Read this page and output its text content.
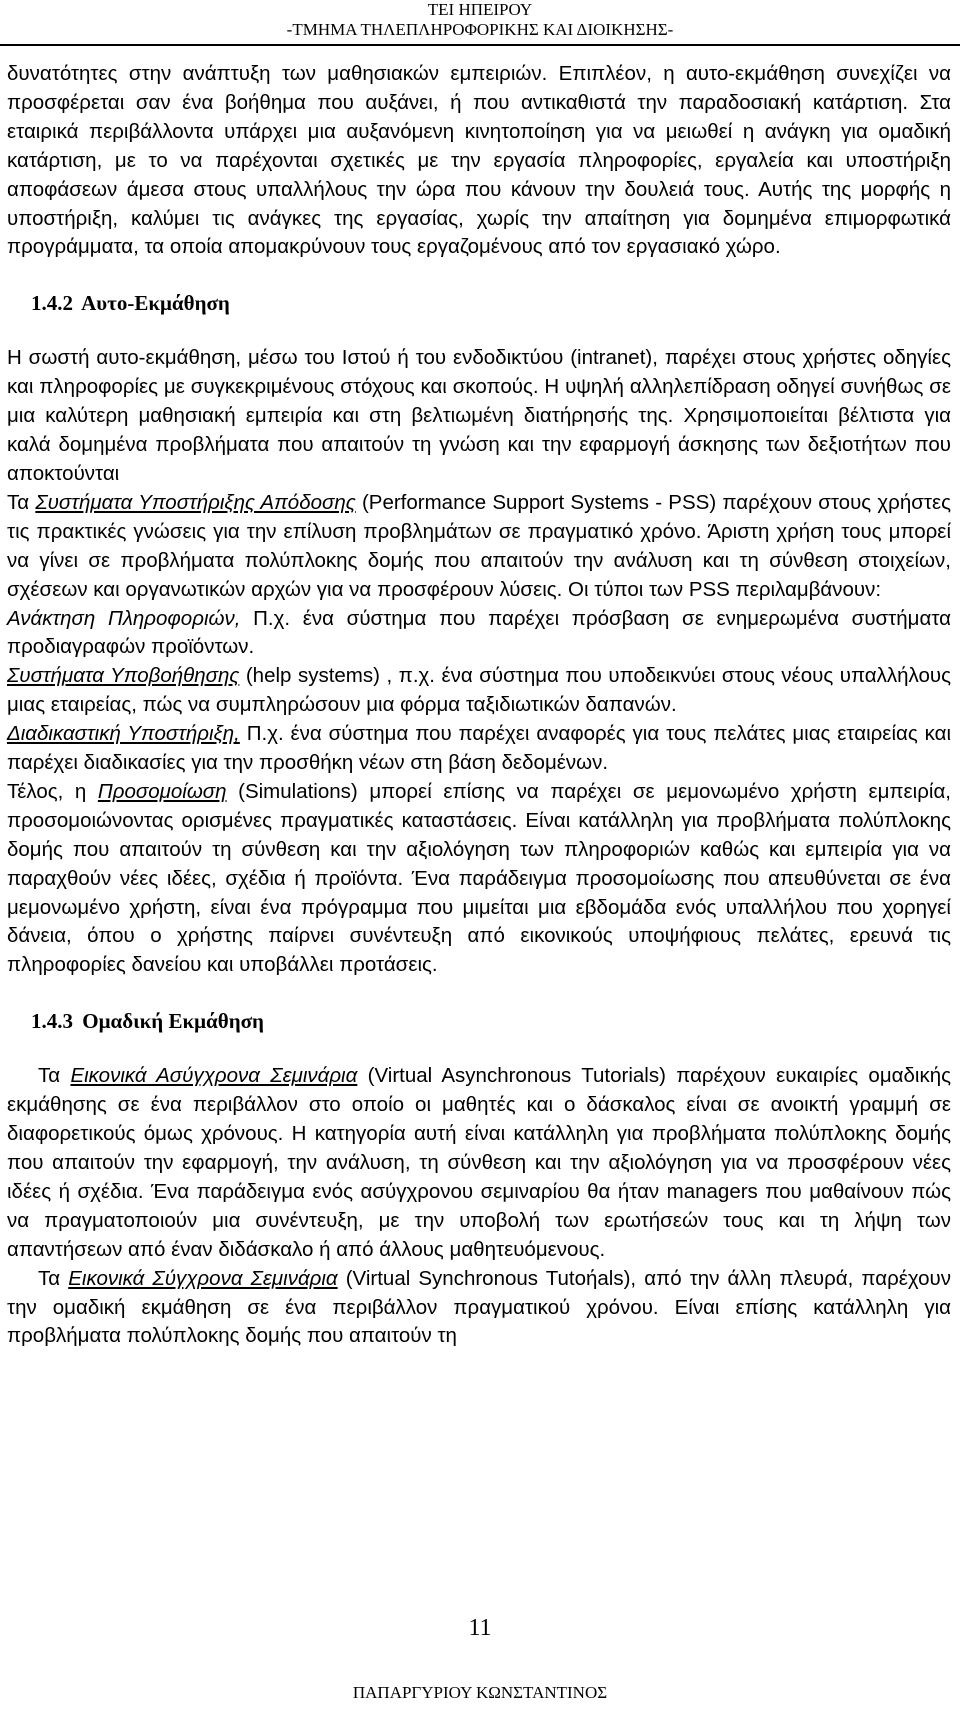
ΤΕΙ ΗΠΕΙΡΟΥ
-ΤΜΗΜΑ ΤΗΛΕΠΛΗΡΟΦΟΡΙΚΗΣ ΚΑΙ ΔΙΟΙΚΗΣΗΣ-

δυνατότητες στην ανάπτυξη των μαθησιακών εμπειριών. Επιπλέον, η αυτο-εκμάθηση συνεχίζει να προσφέρεται σαν ένα βοήθημα που αυξάνει, ή που αντικαθιστά την παραδοσιακή κατάρτιση. Στα εταιρικά περιβάλλοντα υπάρχει μια αυξανόμενη κινητοποίηση για να μειωθεί η ανάγκη για ομαδική κατάρτιση, με το να παρέχονται σχετικές με την εργασία πληροφορίες, εργαλεία και υποστήριξη αποφάσεων άμεσα στους υπαλλήλους την ώρα που κάνουν την δουλειά τους. Αυτής της μορφής η υποστήριξη, καλύμει τις ανάγκες της εργασίας, χωρίς την απαίτηση για δομημένα επιμορφωτικά προγράμματα, τα οποία απομακρύνουν τους εργαζομένους από τον εργασιακό χώρο.

1.4.2 Αυτο-Εκμάθηση

Η σωστή αυτο-εκμάθηση, μέσω του Ιστού ή του ενδοδικτύου (intranet), παρέχει στους χρήστες οδηγίες και πληροφορίες με συγκεκριμένους στόχους και σκοπούς. Η υψηλή αλληλεπίδραση οδηγεί συνήθως σε μια καλύτερη μαθησιακή εμπειρία και στη βελτιωμένη διατήρησής της. Χρησιμοποιείται βέλτιστα για καλά δομημένα προβλήματα που απαιτούν τη γνώση και την εφαρμογή άσκησης των δεξιοτήτων που αποκτούνται

Τα Συστήματα Υποστήριξης Απόδοσης (Performance Support Systems - PSS) παρέχουν στους χρήστες τις πρακτικές γνώσεις για την επίλυση προβλημάτων σε πραγματικό χρόνο. Άριστη χρήση τους μπορεί να γίνει σε προβλήματα πολύπλοκης δομής που απαιτούν την ανάλυση και τη σύνθεση στοιχείων, σχέσεων και οργανωτικών αρχών για να προσφέρουν λύσεις. Οι τύποι των PSS περιλαμβάνουν:

Ανάκτηση Πληροφοριών, Π.χ. ένα σύστημα που παρέχει πρόσβαση σε ενημερωμένα συστήματα προδιαγραφών προϊόντων.

Συστήματα Υποβοήθησης (help systems) , π.χ. ένα σύστημα που υποδεικνύει στους νέους υπαλλήλους μιας εταιρείας, πώς να συμπληρώσουν μια φόρμα ταξιδιωτικών δαπανών.

Διαδικαστική Υποστήριξη, Π.χ. ένα σύστημα που παρέχει αναφορές για τους πελάτες μιας εταιρείας και παρέχει διαδικασίες για την προσθήκη νέων στη βάση δεδομένων.

Τέλος, η Προσομοίωση (Simulations) μπορεί επίσης να παρέχει σε μεμονωμένο χρήστη εμπειρία, προσομοιώνοντας ορισμένες πραγματικές καταστάσεις. Είναι κατάλληλη για προβλήματα πολύπλοκης δομής που απαιτούν τη σύνθεση και την αξιολόγηση των πληροφοριών καθώς και εμπειρία για να παραχθούν νέες ιδέες, σχέδια ή προϊόντα. Ένα παράδειγμα προσομοίωσης που απευθύνεται σε ένα μεμονωμένο χρήστη, είναι ένα πρόγραμμα που μιμείται μια εβδομάδα ενός υπαλλήλου που χορηγεί δάνεια, όπου ο χρήστης παίρνει συνέντευξη από εικονικούς υποψήφιους πελάτες, ερευνά τις πληροφορίες δανείου και υποβάλλει προτάσεις.

1.4.3 Ομαδική Εκμάθηση

Τα Εικονικά Ασύγχρονα Σεμινάρια (Virtual Asynchronous Tutorials) παρέχουν ευκαιρίες ομαδικής εκμάθησης σε ένα περιβάλλον στο οποίο οι μαθητές και ο δάσκαλος είναι σε ανοικτή γραμμή σε διαφορετικούς όμως χρόνους. Η κατηγορία αυτή είναι κατάλληλη για προβλήματα πολύπλοκης δομής που απαιτούν την εφαρμογή, την ανάλυση, τη σύνθεση και την αξιολόγηση για να προσφέρουν νέες ιδέες ή σχέδια. Ένα παράδειγμα ενός ασύγχρονου σεμιναρίου θα ήταν managers που μαθαίνουν πώς να πραγματοποιούν μια συνέντευξη, με την υποβολή των ερωτήσεών τους και τη λήψη των απαντήσεων από έναν διδάσκαλο ή από άλλους μαθητευόμενους.

Τα Εικονικά Σύγχρονα Σεμινάρια (Virtual Synchronous Tutoήals), από την άλλη πλευρά, παρέχουν την ομαδική εκμάθηση σε ένα περιβάλλον πραγματικού χρόνου. Είναι επίσης κατάλληλη για προβλήματα πολύπλοκης δομής που απαιτούν τη

11
ΠΑΠΑΡΓΥΡΙΟΥ ΚΩΝΣΤΑΝΤΙΝΟΣ
